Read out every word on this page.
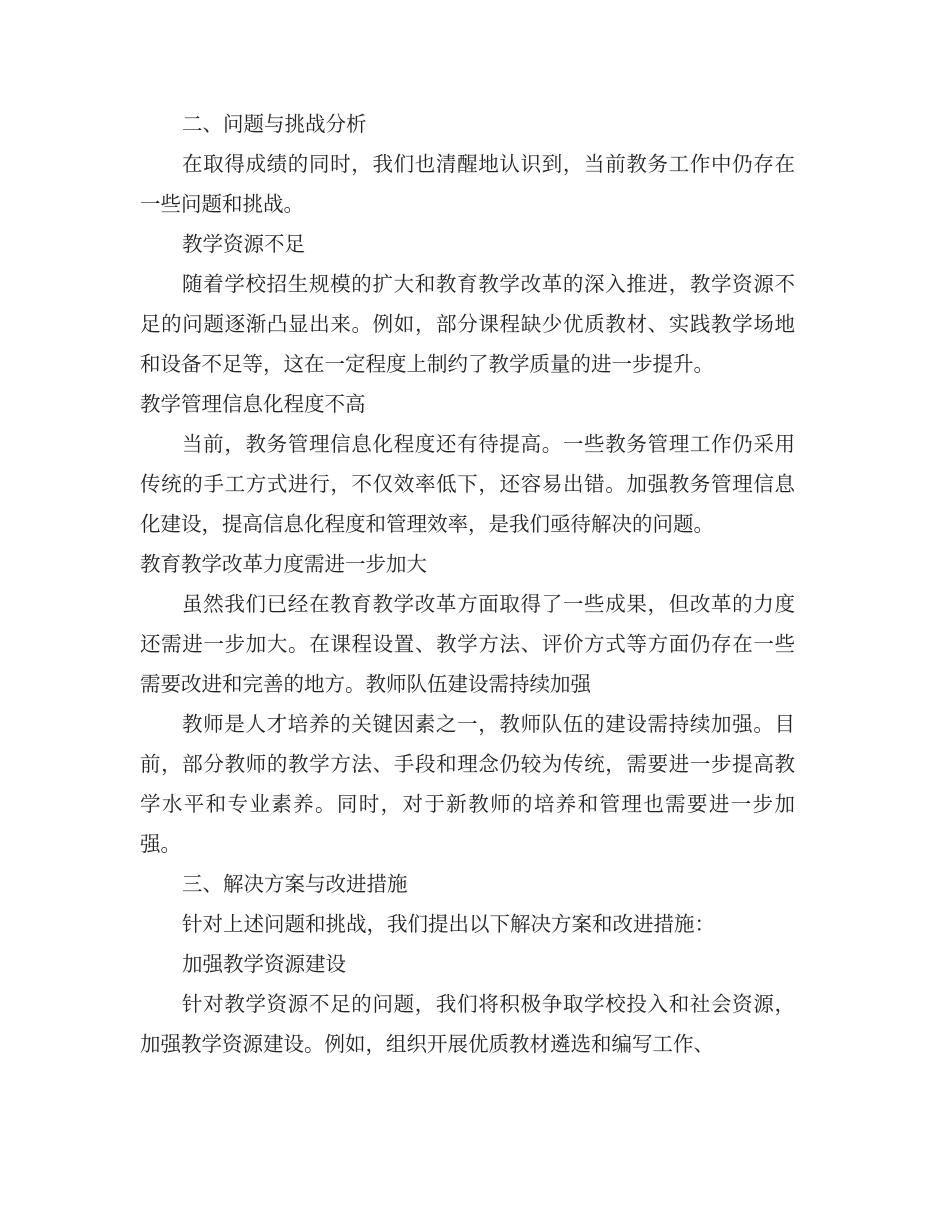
二、问题与挑战分析

在取得成绩的同时，我们也清醒地认识到，当前教务工作中仍存在一些问题和挑战。

教学资源不足

随着学校招生规模的扩大和教育教学改革的深入推进，教学资源不足的问题逐渐凸显出来。例如，部分课程缺少优质教材、实践教学场地和设备不足等，这在一定程度上制约了教学质量的进一步提升。

教学管理信息化程度不高

当前，教务管理信息化程度还有待提高。一些教务管理工作仍采用传统的手工方式进行，不仅效率低下，还容易出错。加强教务管理信息化建设，提高信息化程度和管理效率，是我们亟待解决的问题。

教育教学改革力度需进一步加大

虽然我们已经在教育教学改革方面取得了一些成果，但改革的力度还需进一步加大。在课程设置、教学方法、评价方式等方面仍存在一些需要改进和完善的地方。教师队伍建设需持续加强

教师是人才培养的关键因素之一，教师队伍的建设需持续加强。目前，部分教师的教学方法、手段和理念仍较为传统，需要进一步提高教学水平和专业素养。同时，对于新教师的培养和管理也需要进一步加强。

三、解决方案与改进措施

针对上述问题和挑战，我们提出以下解决方案和改进措施：

加强教学资源建设

针对教学资源不足的问题，我们将积极争取学校投入和社会资源，加强教学资源建设。例如，组织开展优质教材遴选和编写工作、
